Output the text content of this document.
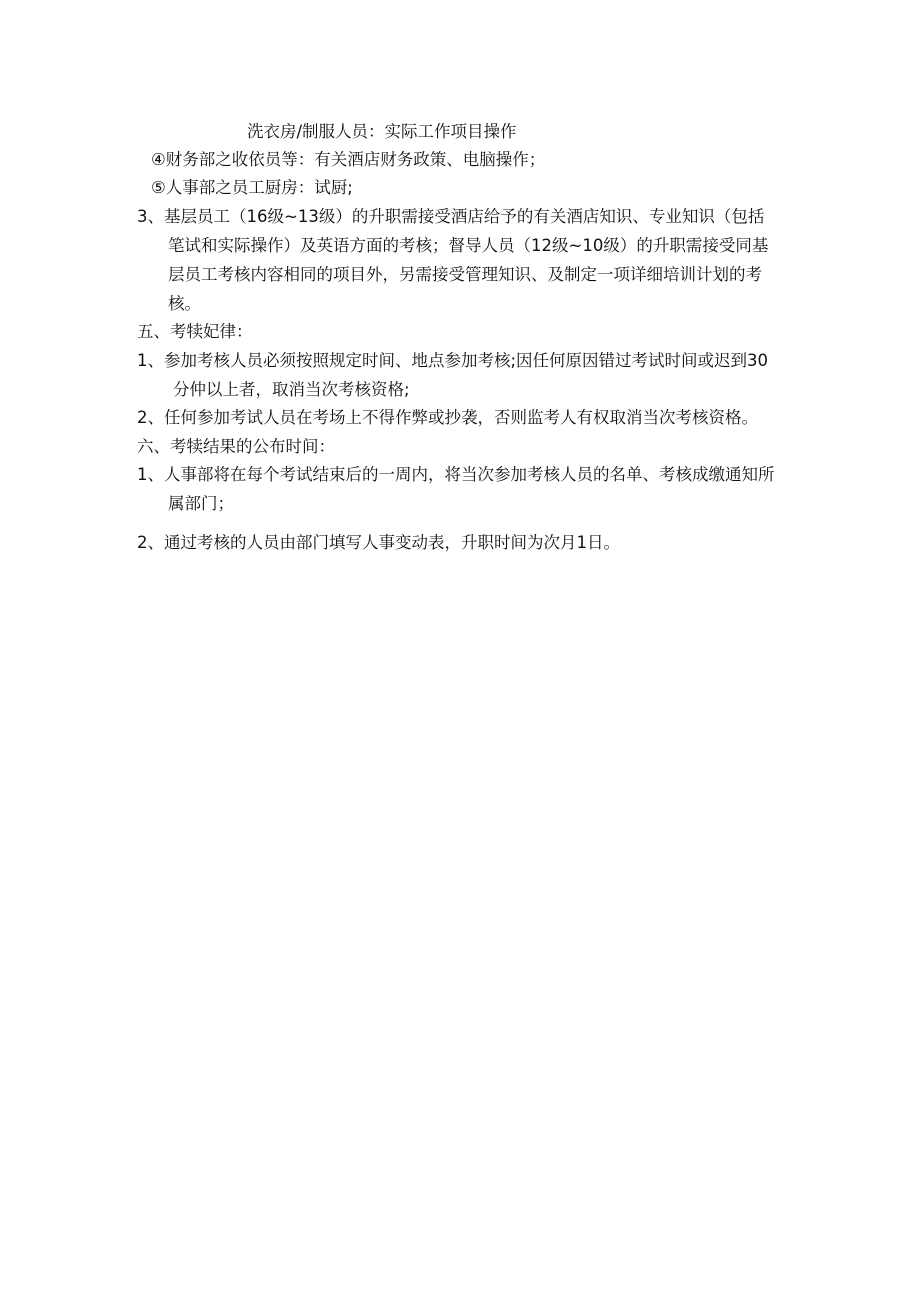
洗衣房/制服人员：实际工作项目操作
④财务部之收依员等：有关酒店财务政策、电脑操作；
⑤人事部之员工厨房：试厨;
3、基层员工（16级~13级）的升职需接受酒店给予的有关酒店知识、专业知识（包括
笔试和实际操作）及英语方面的考核；督导人员（12级~10级）的升职需接受同基
层员工考核内容相同的项目外，另需接受管理知识、及制定一项详细培训计划的考
核。
五、考犊妃律：
1、参加考核人员必须按照规定时间、地点参加考核;因任何原因错过考试时间或迟到30
分仲以上者，取消当次考核资格;
2、任何参加考试人员在考场上不得作弊或抄袭，否则监考人有权取消当次考核资格。
六、考犊结果的公布时间：
1、人事部将在每个考试结束后的一周内，将当次参加考核人员的名单、考核成缴通知所
属部门；
2、通过考核的人员由部门填写人事变动表，升职时间为次月1日。
